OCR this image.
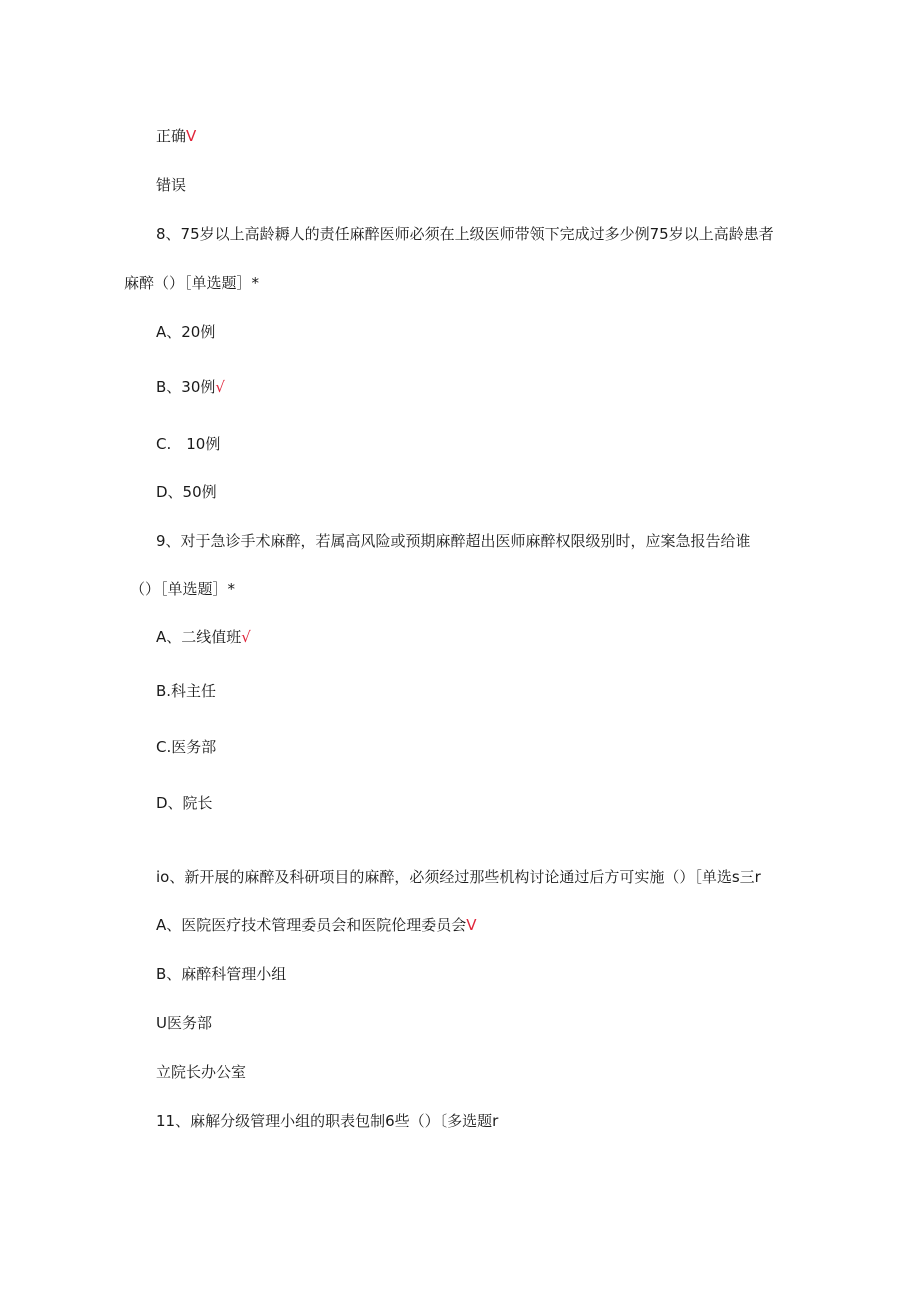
正确V
错误
8、75岁以上高龄耨人的责任麻醉医师必须在上级医师带领下完成过多少例75岁以上高龄患者
麻醉（）［单选题］*
A、20例
B、30例√
C.　10例
D、50例
9、对于急诊手术麻醉，若属高风险或预期麻醉超出医师麻醉权限级别时，应案急报告给谁
（）［单选题］*
A、二线值班√
B.科主任
C.医务部
D、院长
io、新开展的麻醉及科研项目的麻醉，必须经过那些机构讨论通过后方可实施（）［单选s三r
A、医院医疗技术管理委员会和医院伦理委员会V
B、麻醉科管理小组
U医务部
立院长办公室
11、麻解分级管理小组的职表包制6些（）〔多选题r
